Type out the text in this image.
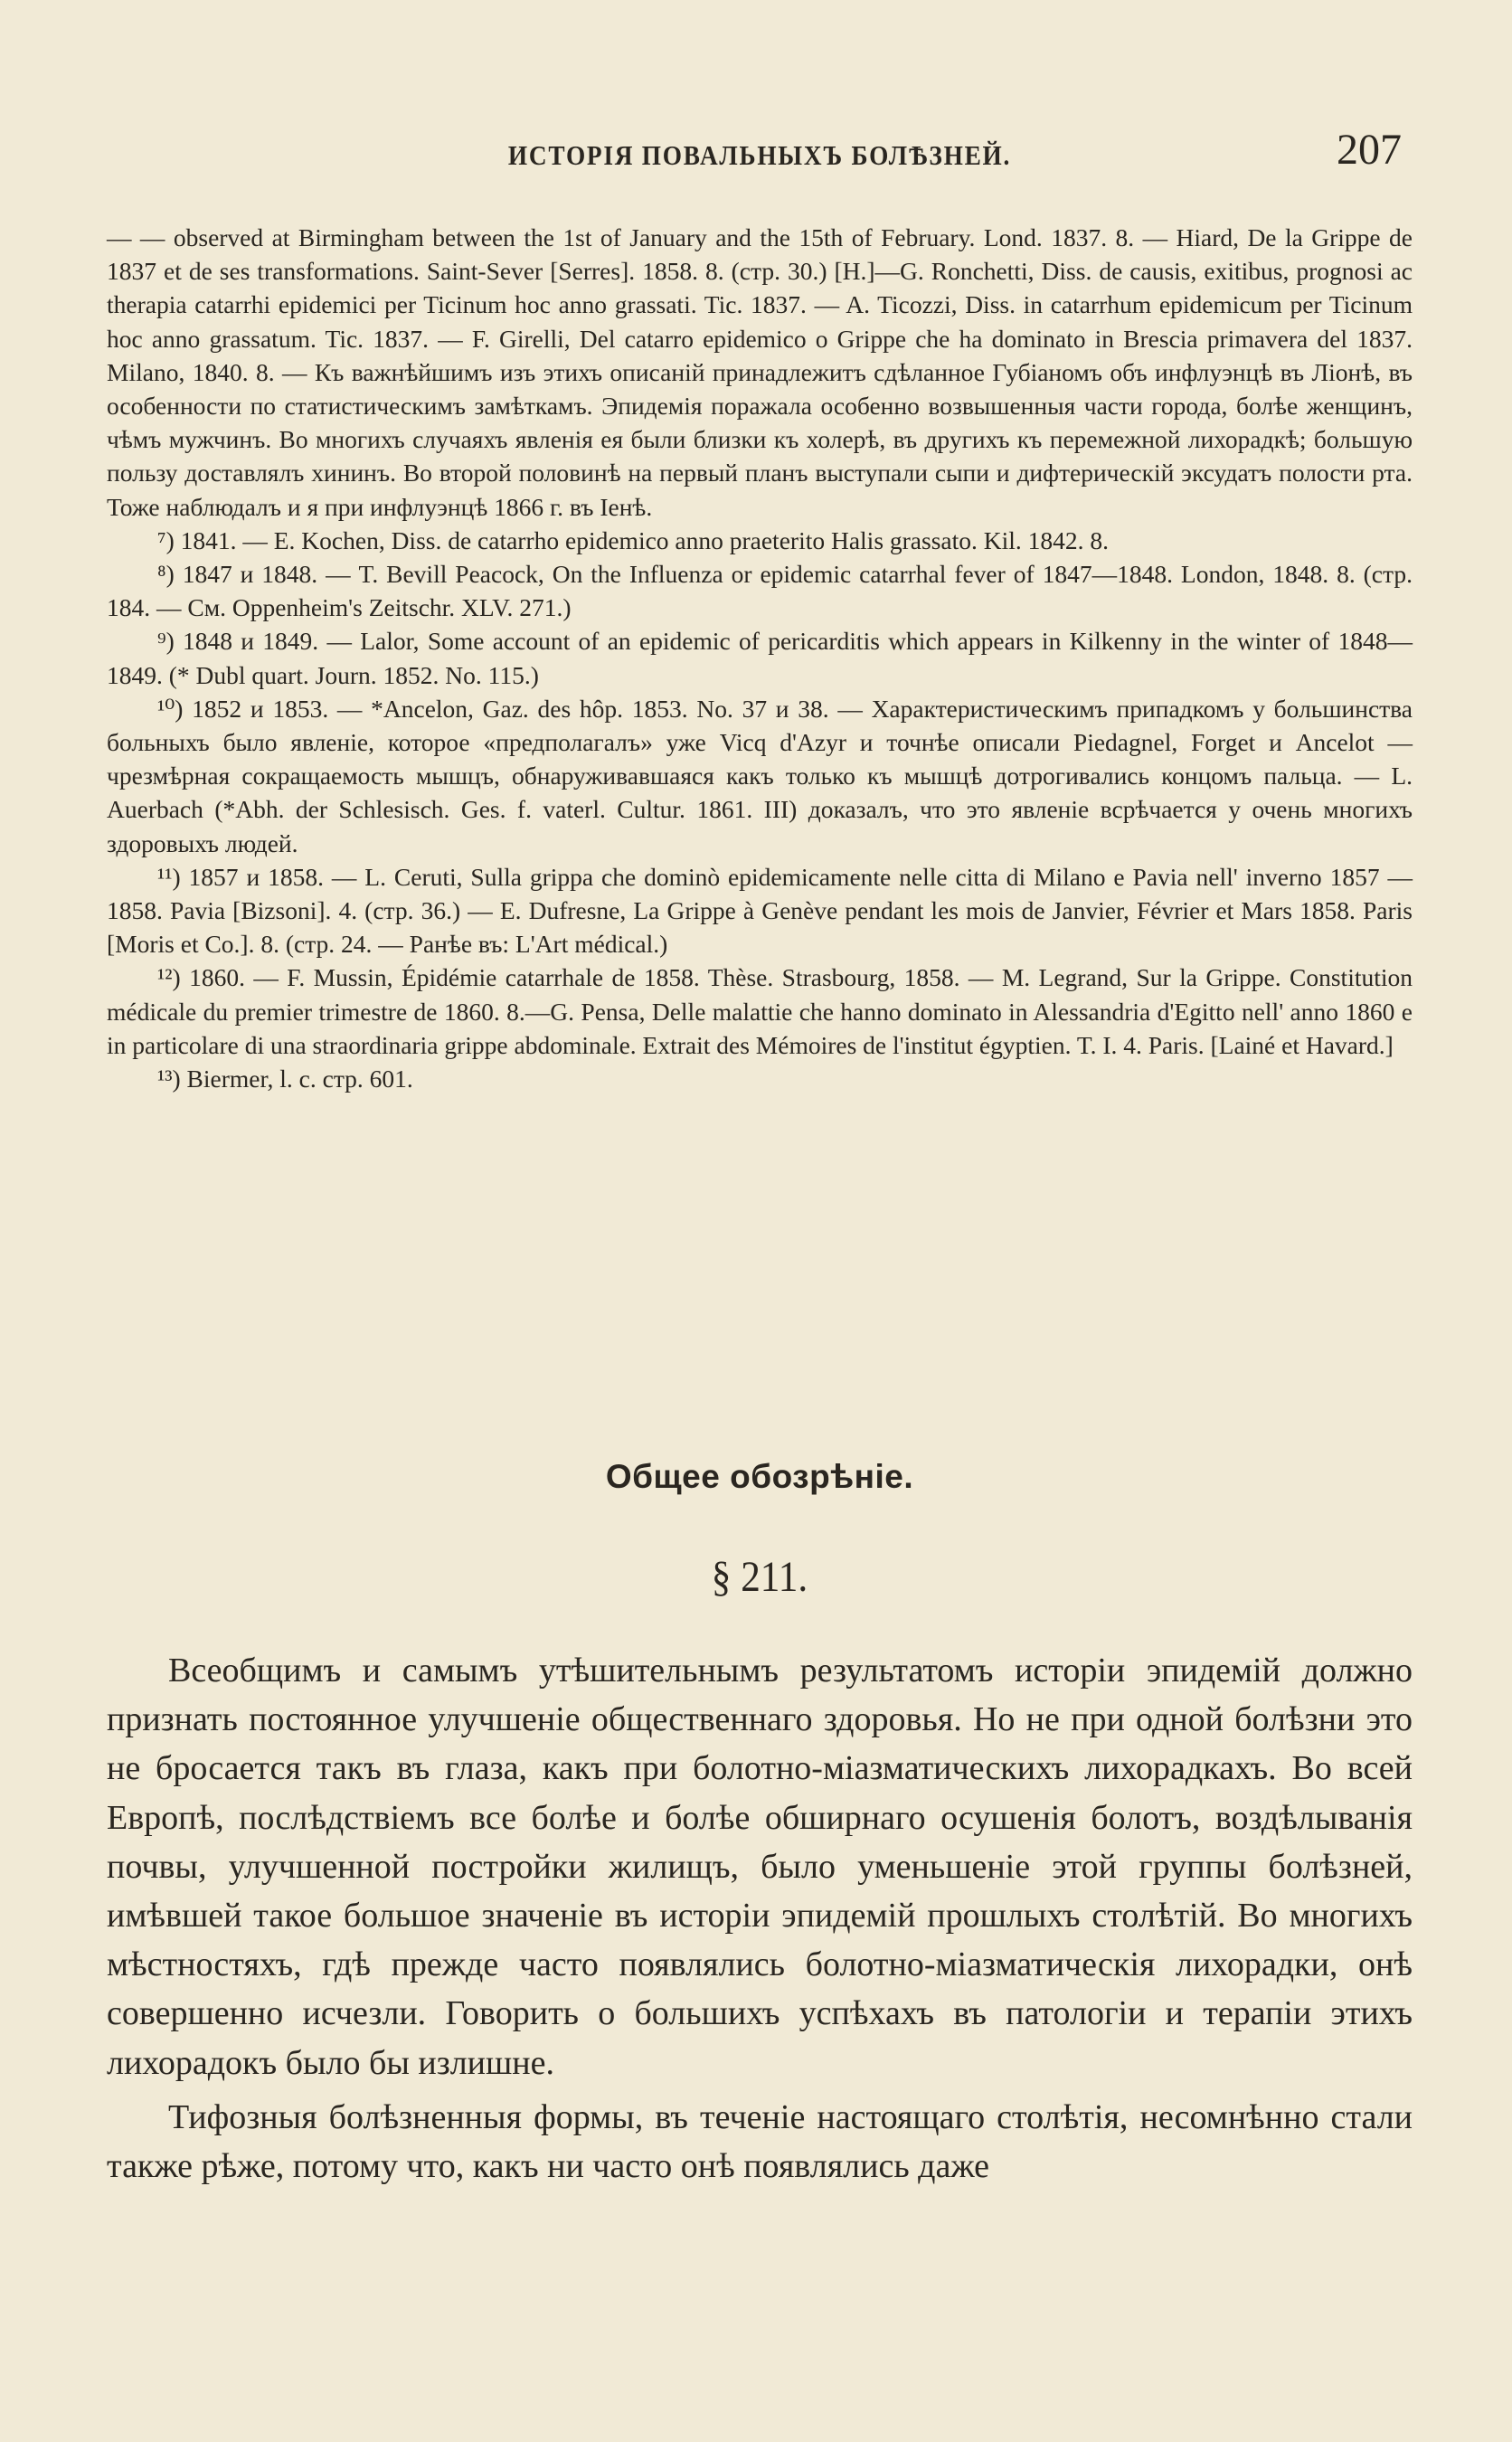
ИСТОРІЯ ПОВАЛЬНЫХЪ БОЛѢЗНЕЙ.	207

— — observed at Birmingham between the 1st of January and the 15th of February. Lond. 1837. 8. — Hiard, De la Grippe de 1837 et de ses transformations. Saint-Sever [Serres]. 1858. 8. (стр. 30.) [H.]—G. Ronchetti, Diss. de causis, exitibus, prognosi ac therapia catarrhi epidemici per Ticinum hoc anno grassati. Tic. 1837. — A. Ticozzi, Diss. in catarrhum epidemicum per Ticinum hoc anno grassatum. Tic. 1837. — F. Girelli, Del catarro epidemico o Grippe che ha dominato in Brescia primavera del 1837. Milano, 1840. 8. — Къ важнѣйшимъ изъ этихъ описаній принадлежитъ сдѣланное Губіаномъ объ инфлуэнцѣ въ Ліонѣ, въ особенности по статистическимъ замѣткамъ. Эпидемія поражала особенно возвышенныя части города, болѣе женщинъ, чѣмъ мужчинъ. Во многихъ случаяхъ явленія ея были близки къ холерѣ, въ другихъ къ перемежной лихорадкѣ; большую пользу доставлялъ хининъ. Во второй половинѣ на первый планъ выступали сыпи и дифтерическій эксудатъ полости рта. Тоже наблюдалъ и я при инфлуэнцѣ 1866 г. въ Іенѣ.

⁷) 1841. — E. Kochen, Diss. de catarrho epidemico anno praeterito Halis grassato. Kil. 1842. 8.

⁸) 1847 и 1848. — T. Bevill Peacock, On the Influenza or epidemic catarrhal fever of 1847—1848. London, 1848. 8. (стр. 184. — См. Oppenheim's Zeitschr. XLV. 271.)

⁹) 1848 и 1849. — Lalor, Some account of an epidemic of pericarditis which appears in Kilkenny in the winter of 1848—1849. (* Dubl quart. Journ. 1852. No. 115.)

¹⁰) 1852 и 1853. — *Ancelon, Gaz. des hôp. 1853. No. 37 и 38. — Характеристическимъ припадкомъ у большинства больныхъ было явленіе, которое «предполагалъ» уже Vicq d'Azyr и точнѣе описали Piedagnel, Forget и Ancelot — чрезмѣрная сокращаемость мышцъ, обнаруживавшаяся какъ только къ мышцѣ дотрогивались концомъ пальца. — L. Auerbach (*Abh. der Schlesisch. Ges. f. vaterl. Cultur. 1861. III) доказалъ, что это явленіе всрѣчается у очень многихъ здоровыхъ людей.

¹¹) 1857 и 1858. — L. Ceruti, Sulla grippa che dominò epidemicamente nelle citta di Milano e Pavia nell' inverno 1857 — 1858. Pavia [Bizsoni]. 4. (стр. 36.) — E. Dufresne, La Grippe à Genève pendant les mois de Janvier, Février et Mars 1858. Paris [Moris et Co.]. 8. (стр. 24. — Ранѣе въ: L'Art médical.)

¹²) 1860. — F. Mussin, Épidémie catarrhale de 1858. Thèse. Strasbourg, 1858. — M. Legrand, Sur la Grippe. Constitution médicale du premier trimestre de 1860. 8.—G. Pensa, Delle malattie che hanno dominato in Alessandria d'Egitto nell' anno 1860 e in particolare di una straordinaria grippe abdominale. Extrait des Mémoires de l'institut égyptien. T. I. 4. Paris. [Lainé et Havard.]

¹³) Biermer, l. c. стр. 601.

Общее обозрѣніе.
§ 211.

Всеобщимъ и самымъ утѣшительнымъ результатомъ исторіи эпидемій должно признать постоянное улучшеніе общественнаго здоровья. Но не при одной болѣзни это не бросается такъ въ глаза, какъ при болотно-міазматическихъ лихорадкахъ. Во всей Европѣ, послѣдствіемъ все болѣе и болѣе обширнаго осушенія болотъ, воздѣлыванія почвы, улучшенной постройки жилищъ, было уменьшеніе этой группы болѣзней, имѣвшей такое большое значеніе въ исторіи эпидемій прошлыхъ столѣтій. Во многихъ мѣстностяхъ, гдѣ прежде часто появлялись болотно-міазматическія лихорадки, онѣ совершенно исчезли. Говорить о большихъ успѣхахъ въ патологіи и терапіи этихъ лихорадокъ было бы излишне.

Тифозныя болѣзненныя формы, въ теченіе настоящаго столѣтія, несомнѣнно стали также рѣже, потому что, какъ ни часто онѣ появлялись даже
